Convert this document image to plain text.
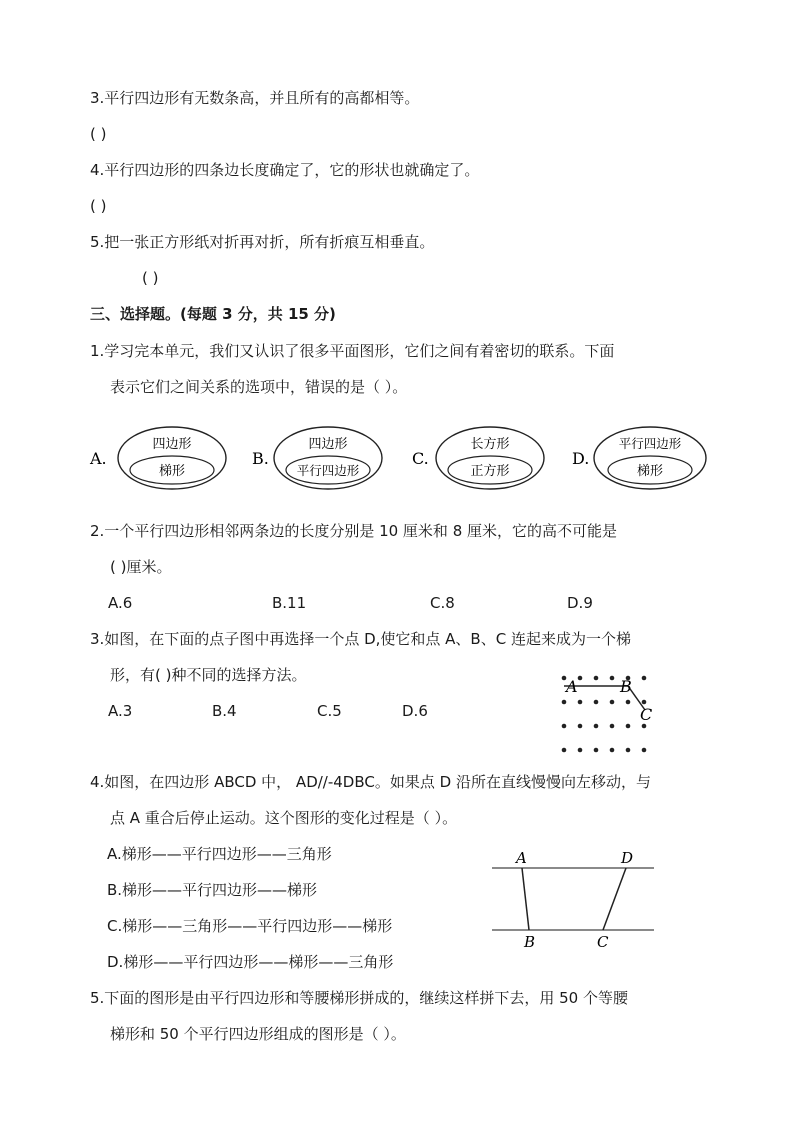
3.平行四边形有无数条高，并且所有的高都相等。
( )
4.平行四边形的四条边长度确定了，它的形状也就确定了。
( )
5.把一张正方形纸对折再对折，所有折痕互相垂直。
( )
三、选择题。(每题 3 分，共 15 分)
1.学习完本单元，我们又认识了很多平面图形，它们之间有着密切的联系。下面
表示它们之间关系的选项中，错误的是（ ）。
A.
四边形
梯形
B.
四边形
平行四边形
C.
长方形
正方形
D.
平行四边形
梯形
2.一个平行四边形相邻两条边的长度分别是 10 厘米和 8 厘米，它的高不可能是
( )厘米。
A.6	B.11	C.8	D.9
3.如图，在下面的点子图中再选择一个点 D,使它和点 A、B、C 连起来成为一个梯
形，有( )种不同的选择方法。
A.3	B.4	C.5	D.6
A	B
C
4.如图，在四边形 ABCD 中， AD//-4DBC。如果点 D 沿所在直线慢慢向左移动，与
点 A 重合后停止运动。这个图形的变化过程是（ ）。
A.梯形——平行四边形——三角形
B.梯形——平行四边形——梯形
C.梯形——三角形——平行四边形——梯形
D.梯形——平行四边形——梯形——三角形
A	D
B	C
5.下面的图形是由平行四边形和等腰梯形拼成的，继续这样拼下去，用 50 个等腰
梯形和 50 个平行四边形组成的图形是（ ）。
